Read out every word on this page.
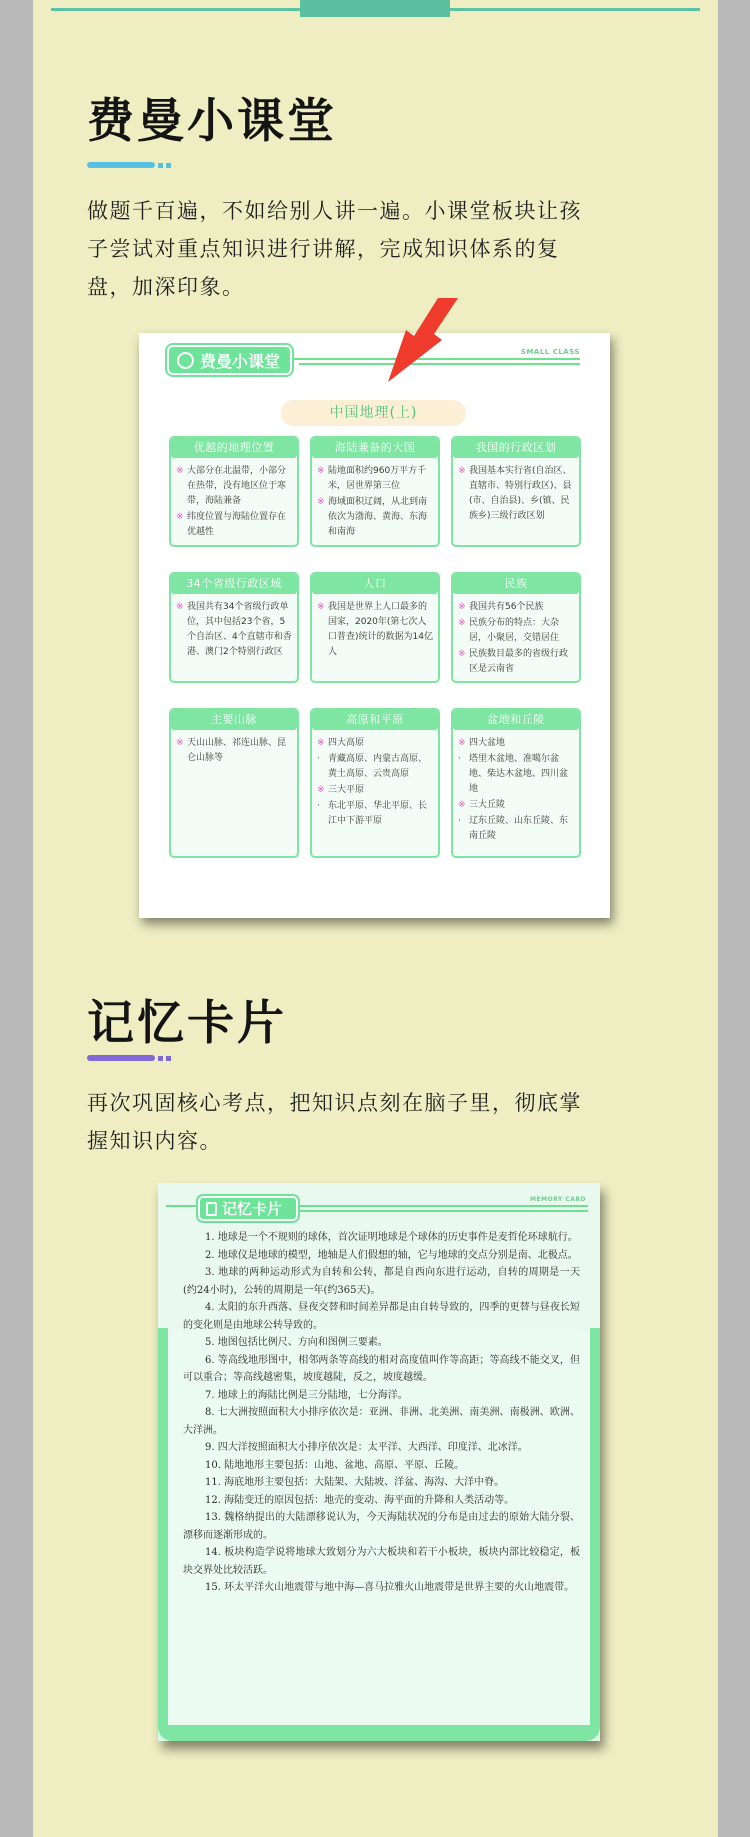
费曼小课堂
做题千百遍，不如给别人讲一遍。小课堂板块让孩子尝试对重点知识进行讲解，完成知识体系的复盘，加深印象。
费曼小课堂	SMALL CLASS
中国地理(上)
优越的地理位置
※ 大部分在北温带，小部分在热带，没有地区位于寒带，海陆兼备
※ 纬度位置与海陆位置存在优越性
海陆兼备的大国
※ 陆地面积约960万平方千米，居世界第三位
※ 海域面积辽阔，从北到南依次为渤海、黄海、东海和南海
我国的行政区划
※ 我国基本实行省(自治区、直辖市、特别行政区)、县(市、自治县)、乡(镇、民族乡)三级行政区划
34个省级行政区域
※ 我国共有34个省级行政单位，其中包括23个省，5个自治区、4个直辖市和香港、澳门2个特别行政区
人口
※ 我国是世界上人口最多的国家，2020年(第七次人口普查)统计的数据为14亿人
民族
※ 我国共有56个民族
※ 民族分布的特点：大杂居，小聚居，交错居住
※ 民族数目最多的省级行政区是云南省
主要山脉
※ 天山山脉、祁连山脉、昆仑山脉等
高原和平原
※ 四大高原
· 青藏高原、内蒙古高原、黄土高原、云贵高原
※ 三大平原
· 东北平原、华北平原、长江中下游平原
盆地和丘陵
※ 四大盆地
· 塔里木盆地、准噶尔盆地、柴达木盆地、四川盆地
※ 三大丘陵
· 辽东丘陵、山东丘陵、东南丘陵
记忆卡片
再次巩固核心考点，把知识点刻在脑子里，彻底掌握知识内容。
记忆卡片
MEMORY CARD

1. 地球是一个不规则的球体，首次证明地球是个球体的历史事件是麦哲伦环球航行。

2. 地球仪是地球的模型，地轴是人们假想的轴，它与地球的交点分别是南、北极点。

3. 地球的两种运动形式为自转和公转，都是自西向东进行运动，自转的周期是一天(约24小时)，公转的周期是一年(约365天)。

4. 太阳的东升西落、昼夜交替和时间差异都是由自转导致的，四季的更替与昼夜长短的变化则是由地球公转导致的。

5. 地图包括比例尺、方向和图例三要素。

6. 等高线地形图中，相邻两条等高线的相对高度值叫作等高距；等高线不能交叉，但可以重合；等高线越密集，坡度越陡，反之，坡度越缓。

7. 地球上的海陆比例是三分陆地，七分海洋。

8. 七大洲按照面积大小排序依次是：亚洲、非洲、北美洲、南美洲、南极洲、欧洲、大洋洲。

9. 四大洋按照面积大小排序依次是：太平洋、大西洋、印度洋、北冰洋。

10. 陆地地形主要包括：山地、盆地、高原、平原、丘陵。

11. 海底地形主要包括：大陆架、大陆坡、洋盆、海沟、大洋中脊。

12. 海陆变迁的原因包括：地壳的变动、海平面的升降和人类活动等。

13. 魏格纳提出的大陆漂移说认为，今天海陆状况的分布是由过去的原始大陆分裂、漂移而逐渐形成的。

14. 板块构造学说将地球大致划分为六大板块和若干小板块，板块内部比较稳定，板块交界处比较活跃。

15. 环太平洋火山地震带与地中海—喜马拉雅火山地震带是世界主要的火山地震带。
